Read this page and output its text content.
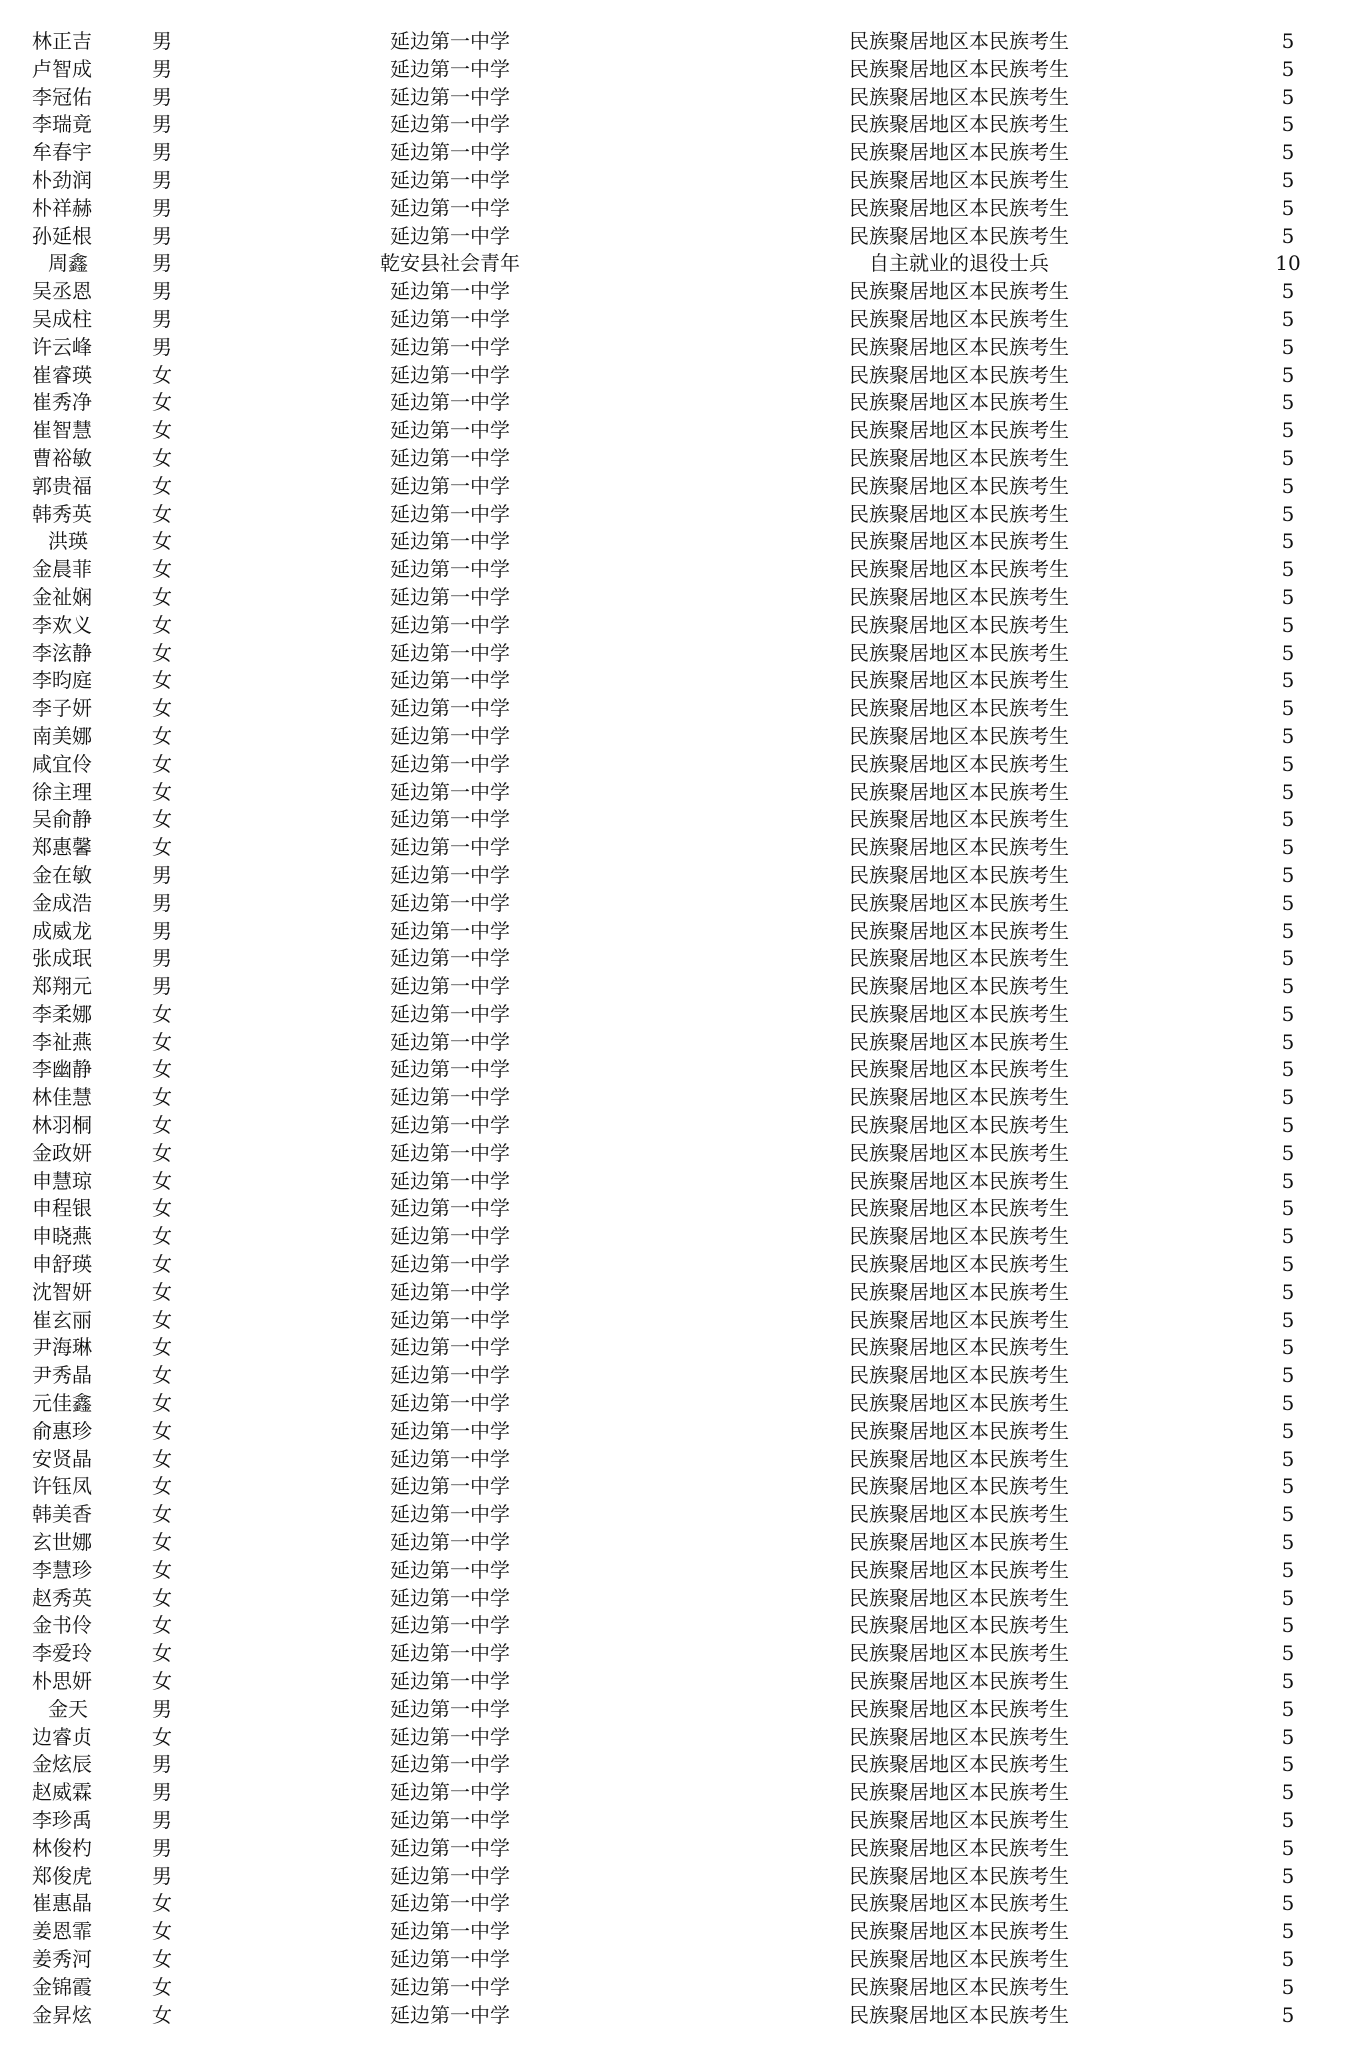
林正吉	男	延边第一中学	民族聚居地区本民族考生	5
卢智成	男	延边第一中学	民族聚居地区本民族考生	5
李冠佑	男	延边第一中学	民族聚居地区本民族考生	5
李瑞竟	男	延边第一中学	民族聚居地区本民族考生	5
牟春宇	男	延边第一中学	民族聚居地区本民族考生	5
朴劲润	男	延边第一中学	民族聚居地区本民族考生	5
朴祥赫	男	延边第一中学	民族聚居地区本民族考生	5
孙延根	男	延边第一中学	民族聚居地区本民族考生	5
周鑫	男	乾安县社会青年	自主就业的退役士兵	10
吴丞恩	男	延边第一中学	民族聚居地区本民族考生	5
吴成柱	男	延边第一中学	民族聚居地区本民族考生	5
许云峰	男	延边第一中学	民族聚居地区本民族考生	5
崔睿瑛	女	延边第一中学	民族聚居地区本民族考生	5
崔秀净	女	延边第一中学	民族聚居地区本民族考生	5
崔智慧	女	延边第一中学	民族聚居地区本民族考生	5
曹裕敏	女	延边第一中学	民族聚居地区本民族考生	5
郭贵福	女	延边第一中学	民族聚居地区本民族考生	5
韩秀英	女	延边第一中学	民族聚居地区本民族考生	5
洪瑛	女	延边第一中学	民族聚居地区本民族考生	5
金晨菲	女	延边第一中学	民族聚居地区本民族考生	5
金祉娴	女	延边第一中学	民族聚居地区本民族考生	5
李欢义	女	延边第一中学	民族聚居地区本民族考生	5
李泫静	女	延边第一中学	民族聚居地区本民族考生	5
李昀庭	女	延边第一中学	民族聚居地区本民族考生	5
李子妍	女	延边第一中学	民族聚居地区本民族考生	5
南美娜	女	延边第一中学	民族聚居地区本民族考生	5
咸宜伶	女	延边第一中学	民族聚居地区本民族考生	5
徐主理	女	延边第一中学	民族聚居地区本民族考生	5
吴俞静	女	延边第一中学	民族聚居地区本民族考生	5
郑惠馨	女	延边第一中学	民族聚居地区本民族考生	5
金在敏	男	延边第一中学	民族聚居地区本民族考生	5
金成浩	男	延边第一中学	民族聚居地区本民族考生	5
成威龙	男	延边第一中学	民族聚居地区本民族考生	5
张成珉	男	延边第一中学	民族聚居地区本民族考生	5
郑翔元	男	延边第一中学	民族聚居地区本民族考生	5
李柔娜	女	延边第一中学	民族聚居地区本民族考生	5
李祉燕	女	延边第一中学	民族聚居地区本民族考生	5
李幽静	女	延边第一中学	民族聚居地区本民族考生	5
林佳慧	女	延边第一中学	民族聚居地区本民族考生	5
林羽桐	女	延边第一中学	民族聚居地区本民族考生	5
金政妍	女	延边第一中学	民族聚居地区本民族考生	5
申慧琼	女	延边第一中学	民族聚居地区本民族考生	5
申程银	女	延边第一中学	民族聚居地区本民族考生	5
申晓燕	女	延边第一中学	民族聚居地区本民族考生	5
申舒瑛	女	延边第一中学	民族聚居地区本民族考生	5
沈智妍	女	延边第一中学	民族聚居地区本民族考生	5
崔玄丽	女	延边第一中学	民族聚居地区本民族考生	5
尹海琳	女	延边第一中学	民族聚居地区本民族考生	5
尹秀晶	女	延边第一中学	民族聚居地区本民族考生	5
元佳鑫	女	延边第一中学	民族聚居地区本民族考生	5
俞惠珍	女	延边第一中学	民族聚居地区本民族考生	5
安贤晶	女	延边第一中学	民族聚居地区本民族考生	5
许钰凤	女	延边第一中学	民族聚居地区本民族考生	5
韩美香	女	延边第一中学	民族聚居地区本民族考生	5
玄世娜	女	延边第一中学	民族聚居地区本民族考生	5
李慧珍	女	延边第一中学	民族聚居地区本民族考生	5
赵秀英	女	延边第一中学	民族聚居地区本民族考生	5
金书伶	女	延边第一中学	民族聚居地区本民族考生	5
李爱玲	女	延边第一中学	民族聚居地区本民族考生	5
朴思妍	女	延边第一中学	民族聚居地区本民族考生	5
金天	男	延边第一中学	民族聚居地区本民族考生	5
边睿贞	女	延边第一中学	民族聚居地区本民族考生	5
金炫辰	男	延边第一中学	民族聚居地区本民族考生	5
赵威霖	男	延边第一中学	民族聚居地区本民族考生	5
李珍禹	男	延边第一中学	民族聚居地区本民族考生	5
林俊杓	男	延边第一中学	民族聚居地区本民族考生	5
郑俊虎	男	延边第一中学	民族聚居地区本民族考生	5
崔惠晶	女	延边第一中学	民族聚居地区本民族考生	5
姜恩霏	女	延边第一中学	民族聚居地区本民族考生	5
姜秀河	女	延边第一中学	民族聚居地区本民族考生	5
金锦霞	女	延边第一中学	民族聚居地区本民族考生	5
金昇炫	女	延边第一中学	民族聚居地区本民族考生	5
